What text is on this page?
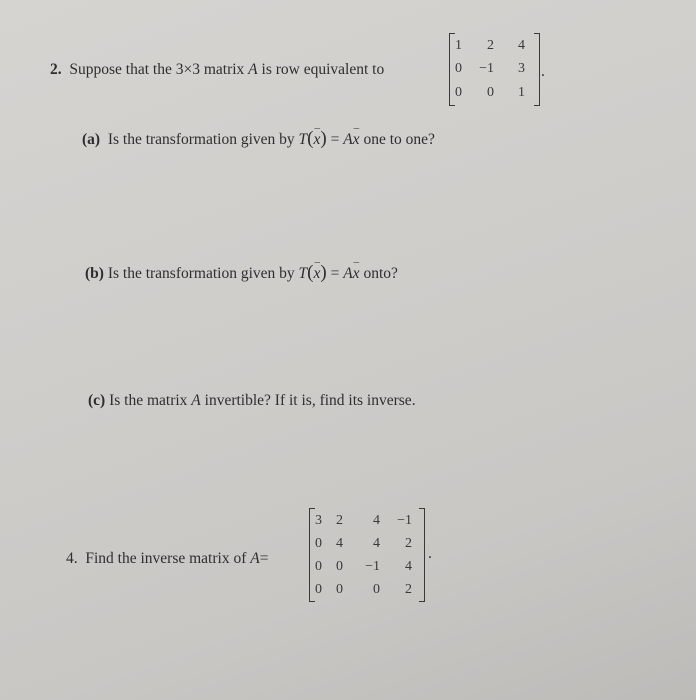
2. Suppose that the 3×3 matrix A is row equivalent to
1	2	4
0	−1	3
0	0	1
.
(a) Is the transformation given by T(– x) = A– x one to one?
(b) Is the transformation given by T(– x) = A– x onto?
(c) Is the matrix A invertible? If it is, find its inverse.
4. Find the inverse matrix of A=
3	2	4	−1
0	4	4	2
0	0	−1	4
0	0	0	2
.
